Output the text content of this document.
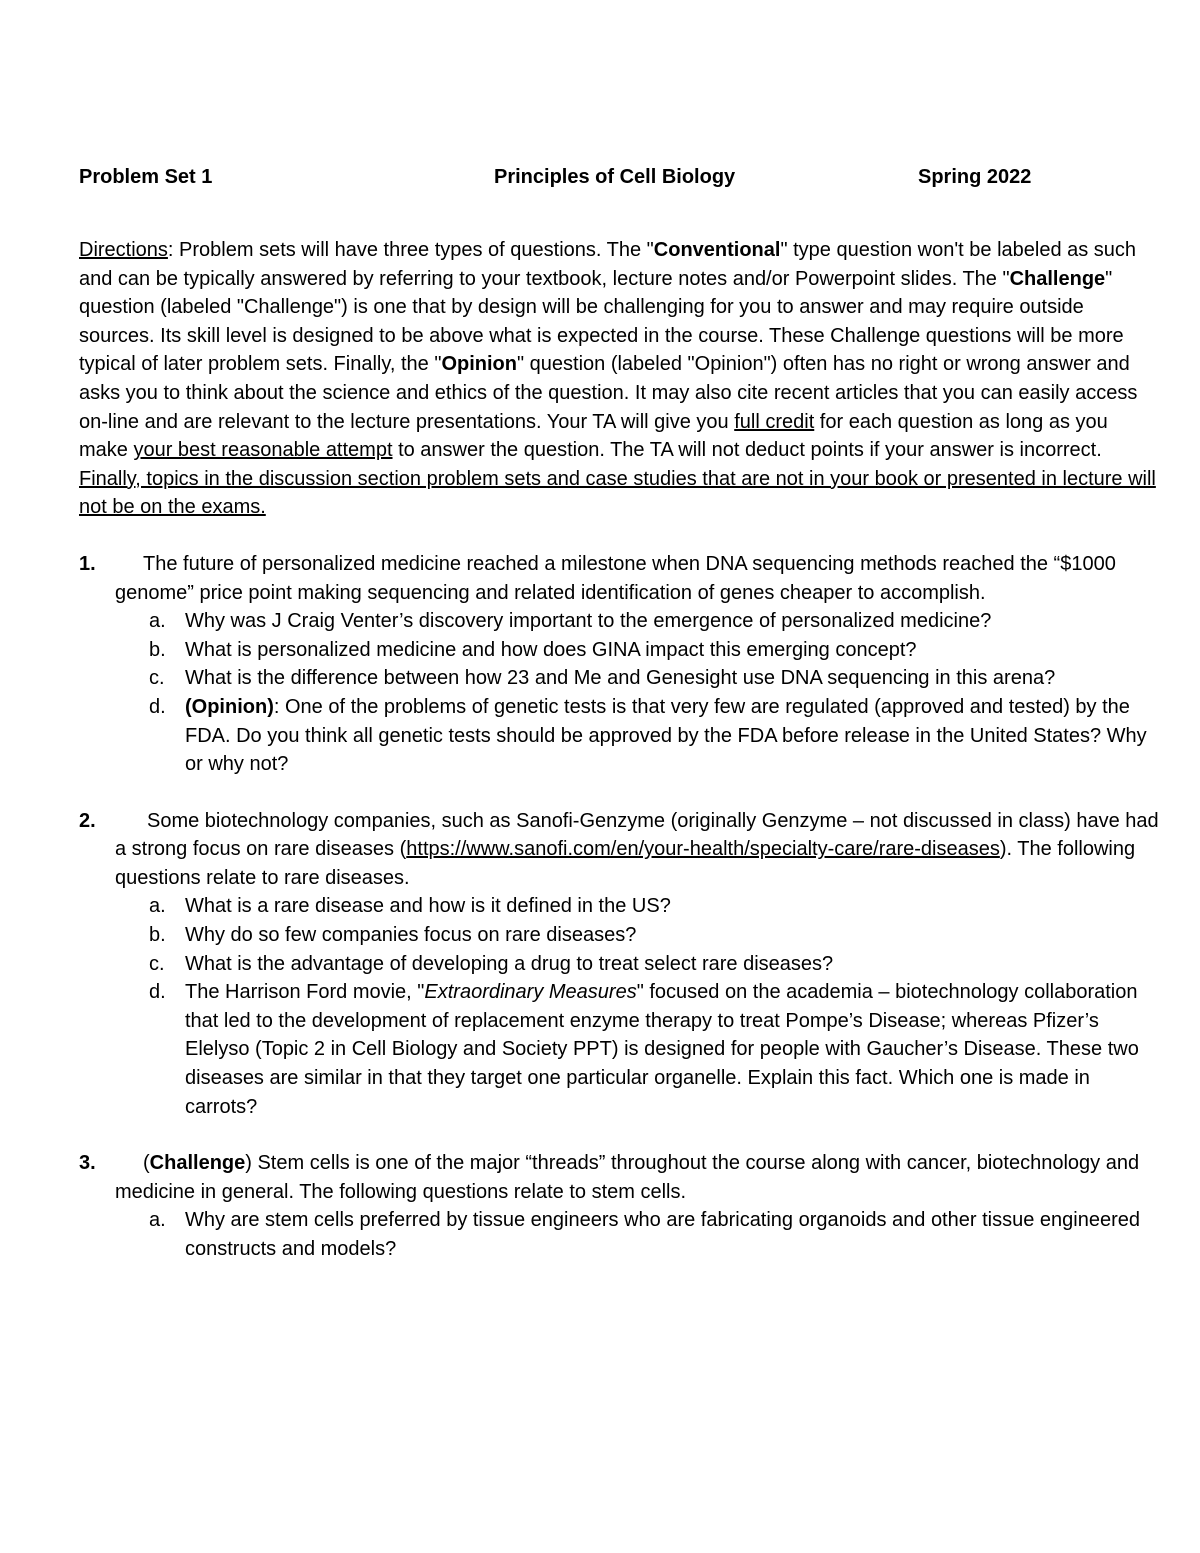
Problem Set 1	Principles of Cell Biology	Spring 2022

Directions: Problem sets will have three types of questions. The "Conventional" type question won't be labeled as such and can be typically answered by referring to your textbook, lecture notes and/or Powerpoint slides. The "Challenge" question (labeled "Challenge") is one that by design will be challenging for you to answer and may require outside sources. Its skill level is designed to be above what is expected in the course. These Challenge questions will be more typical of later problem sets. Finally, the "Opinion" question (labeled "Opinion") often has no right or wrong answer and asks you to think about the science and ethics of the question. It may also cite recent articles that you can easily access on-line and are relevant to the lecture presentations. Your TA will give you full credit for each question as long as you make your best reasonable attempt to answer the question. The TA will not deduct points if your answer is incorrect. Finally, topics in the discussion section problem sets and case studies that are not in your book or presented in lecture will not be on the exams.

1.	The future of personalized medicine reached a milestone when DNA sequencing methods reached the “$1000 genome” price point making sequencing and related identification of genes cheaper to accomplish.
a. Why was J Craig Venter’s discovery important to the emergence of personalized medicine?
b. What is personalized medicine and how does GINA impact this emerging concept?
c. What is the difference between how 23 and Me and Genesight use DNA sequencing in this arena?
d. (Opinion): One of the problems of genetic tests is that very few are regulated (approved and tested) by the FDA. Do you think all genetic tests should be approved by the FDA before release in the United States? Why or why not?
2.	Some biotechnology companies, such as Sanofi-Genzyme (originally Genzyme – not discussed in class) have had a strong focus on rare diseases (https://www.sanofi.com/en/your-health/specialty-care/rare-diseases). The following questions relate to rare diseases.
a. What is a rare disease and how is it defined in the US?
b. Why do so few companies focus on rare diseases?
c. What is the advantage of developing a drug to treat select rare diseases?
d. The Harrison Ford movie, "Extraordinary Measures" focused on the academia – biotechnology collaboration that led to the development of replacement enzyme therapy to treat Pompe’s Disease; whereas Pfizer’s Elelyso (Topic 2 in Cell Biology and Society PPT) is designed for people with Gaucher’s Disease. These two diseases are similar in that they target one particular organelle. Explain this fact. Which one is made in carrots?
3.	(Challenge) Stem cells is one of the major “threads” throughout the course along with cancer, biotechnology and medicine in general. The following questions relate to stem cells.
a. Why are stem cells preferred by tissue engineers who are fabricating organoids and other tissue engineered constructs and models?
